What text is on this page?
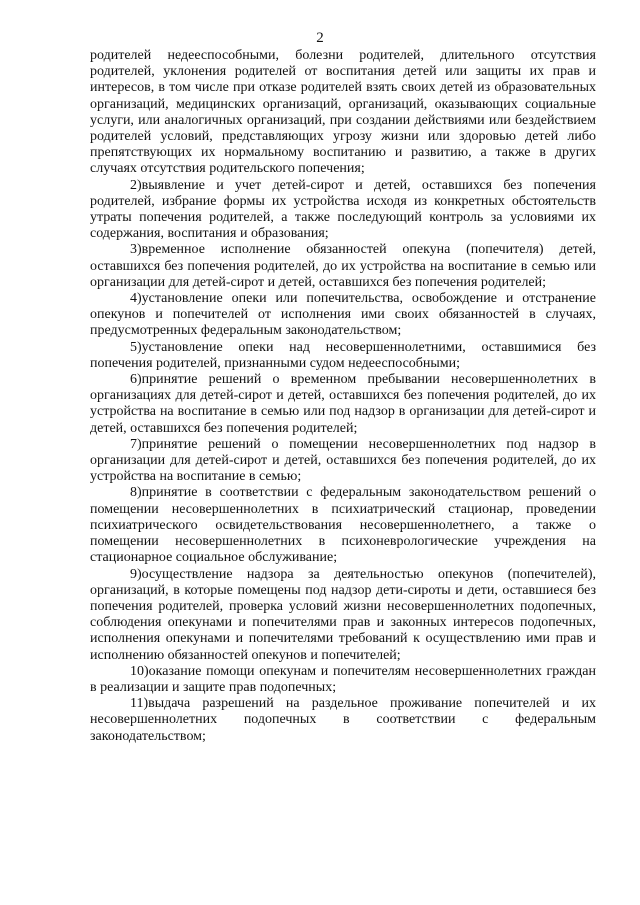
2

родителей недееспособными, болезни родителей, длительного отсутствия родителей, уклонения родителей от воспитания детей или защиты их прав и интересов, в том числе при отказе родителей взять своих детей из образовательных организаций, медицинских организаций, организаций, оказывающих социальные услуги, или аналогичных организаций, при создании действиями или бездействием родителей условий, представляющих угрозу жизни или здоровью детей либо препятствующих их нормальному воспитанию и развитию, а также в других случаях отсутствия родительского попечения;

2)выявление и учет детей-сирот и детей, оставшихся без попечения родителей, избрание формы их устройства исходя из конкретных обстоятельств утраты попечения родителей, а также последующий контроль за условиями их содержания, воспитания и образования;

3)временное исполнение обязанностей опекуна (попечителя) детей, оставшихся без попечения родителей, до их устройства на воспитание в семью или организации для детей-сирот и детей, оставшихся без попечения родителей;

4)установление опеки или попечительства, освобождение и отстранение опекунов и попечителей от исполнения ими своих обязанностей в случаях, предусмотренных федеральным законодательством;

5)установление опеки над несовершеннолетними, оставшимися без попечения родителей, признанными судом недееспособными;

6)принятие решений о временном пребывании несовершеннолетних в организациях для детей-сирот и детей, оставшихся без попечения родителей, до их устройства на воспитание в семью или под надзор в организации для детей-сирот и детей, оставшихся без попечения родителей;

7)принятие решений о помещении несовершеннолетних под надзор в организации для детей-сирот и детей, оставшихся без попечения родителей, до их устройства на воспитание в семью;

8)принятие в соответствии с федеральным законодательством решений о помещении несовершеннолетних в психиатрический стационар, проведении психиатрического освидетельствования несовершеннолетнего, а также о помещении несовершеннолетних в психоневрологические учреждения на стационарное социальное обслуживание;

9)осуществление надзора за деятельностью опекунов (попечителей), организаций, в которые помещены под надзор дети-сироты и дети, оставшиеся без попечения родителей, проверка условий жизни несовершеннолетних подопечных, соблюдения опекунами и попечителями прав и законных интересов подопечных, исполнения опекунами и попечителями требований к осуществлению ими прав и исполнению обязанностей опекунов и попечителей;

10)оказание помощи опекунам и попечителям несовершеннолетних граждан в реализации и защите прав подопечных;

11)выдача разрешений на раздельное проживание попечителей и их несовершеннолетних подопечных в соответствии с федеральным законодательством;
